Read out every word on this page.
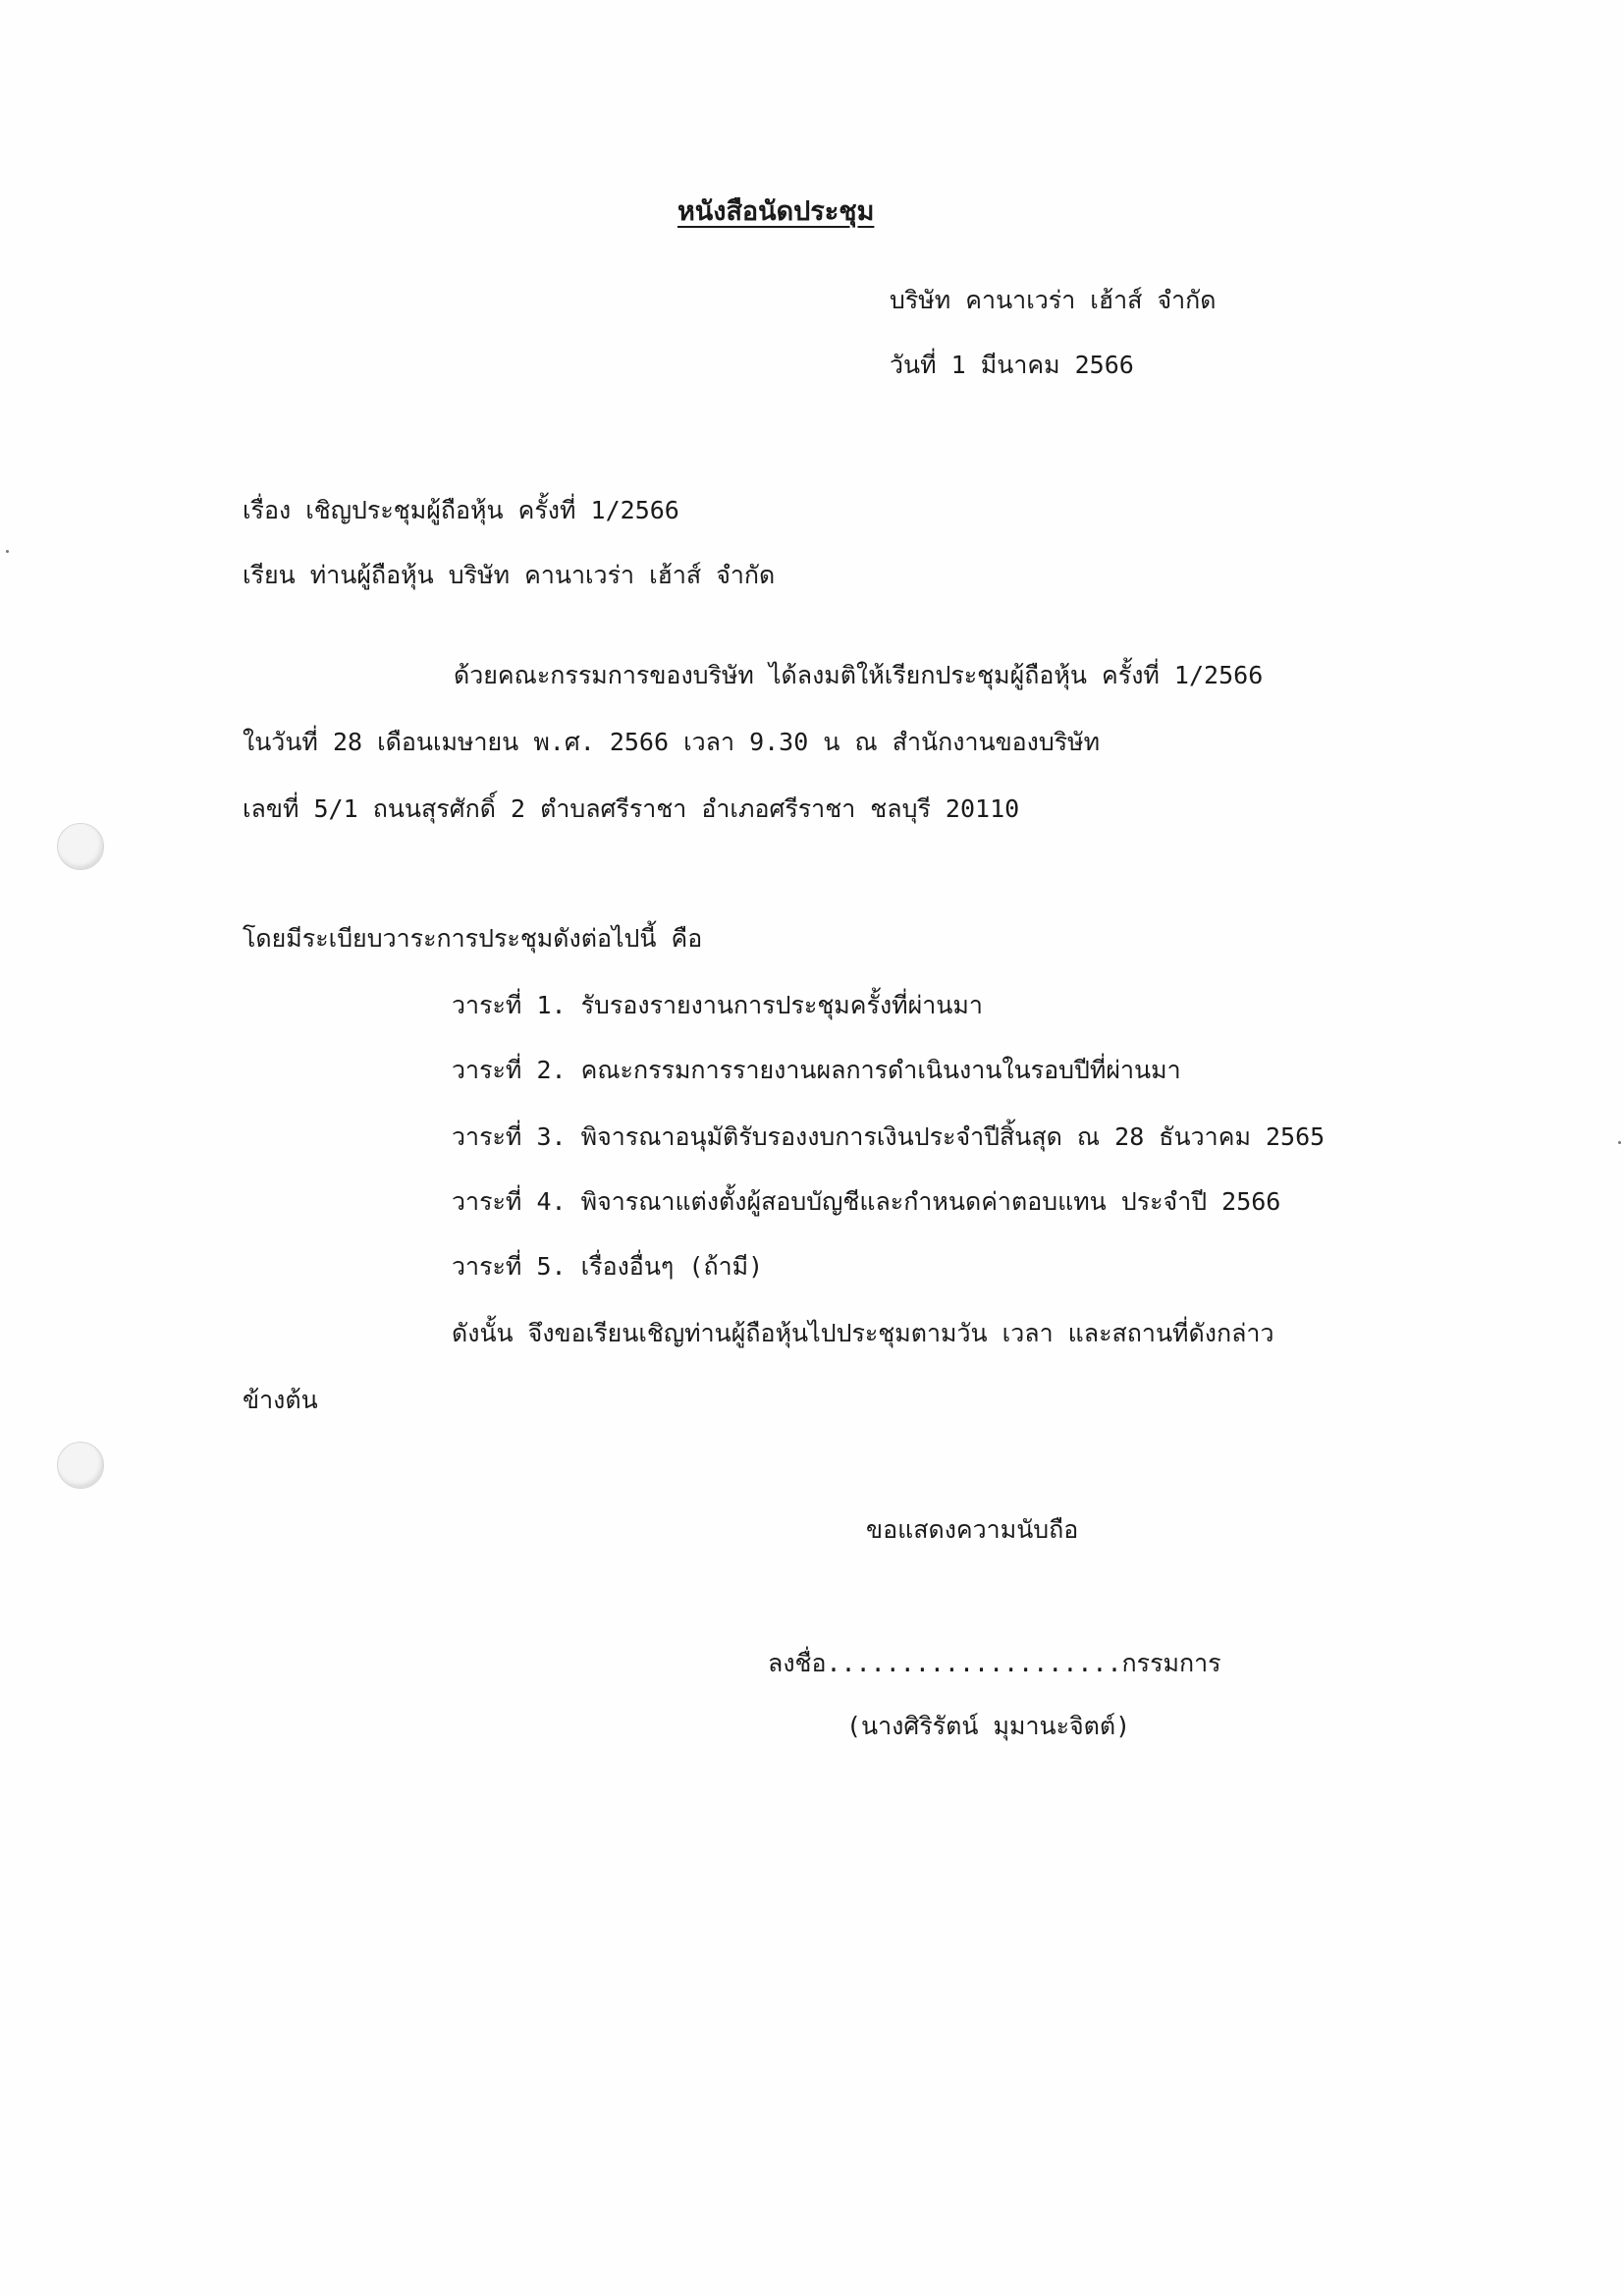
หนังสือนัดประชุม
บริษัท คานาเวร่า เฮ้าส์ จำกัด
วันที่ 1 มีนาคม 2566
เรื่อง เชิญประชุมผู้ถือหุ้น ครั้งที่ 1/2566
เรียน ท่านผู้ถือหุ้น บริษัท คานาเวร่า เฮ้าส์ จำกัด
ด้วยคณะกรรมการของบริษัท ได้ลงมติให้เรียกประชุมผู้ถือหุ้น ครั้งที่ 1/2566
ในวันที่ 28 เดือนเมษายน พ.ศ. 2566 เวลา 9.30 น ณ สำนักงานของบริษัท
เลขที่ 5/1 ถนนสุรศักดิ์ 2 ตำบลศรีราชา อำเภอศรีราชา ชลบุรี 20110
โดยมีระเบียบวาระการประชุมดังต่อไปนี้ คือ
วาระที่ 1. รับรองรายงานการประชุมครั้งที่ผ่านมา
วาระที่ 2. คณะกรรมการรายงานผลการดำเนินงานในรอบปีที่ผ่านมา
วาระที่ 3. พิจารณาอนุมัติรับรองงบการเงินประจำปีสิ้นสุด ณ 28 ธันวาคม 2565
วาระที่ 4. พิจารณาแต่งตั้งผู้สอบบัญชีและกำหนดค่าตอบแทน ประจำปี 2566
วาระที่ 5. เรื่องอื่นๆ (ถ้ามี)
ดังนั้น จึงขอเรียนเชิญท่านผู้ถือหุ้นไปประชุมตามวัน เวลา และสถานที่ดังกล่าว
ข้างต้น
ขอแสดงความนับถือ
ลงชื่อ....................กรรมการ
(นางศิริรัตน์ มุมานะจิตต์)
